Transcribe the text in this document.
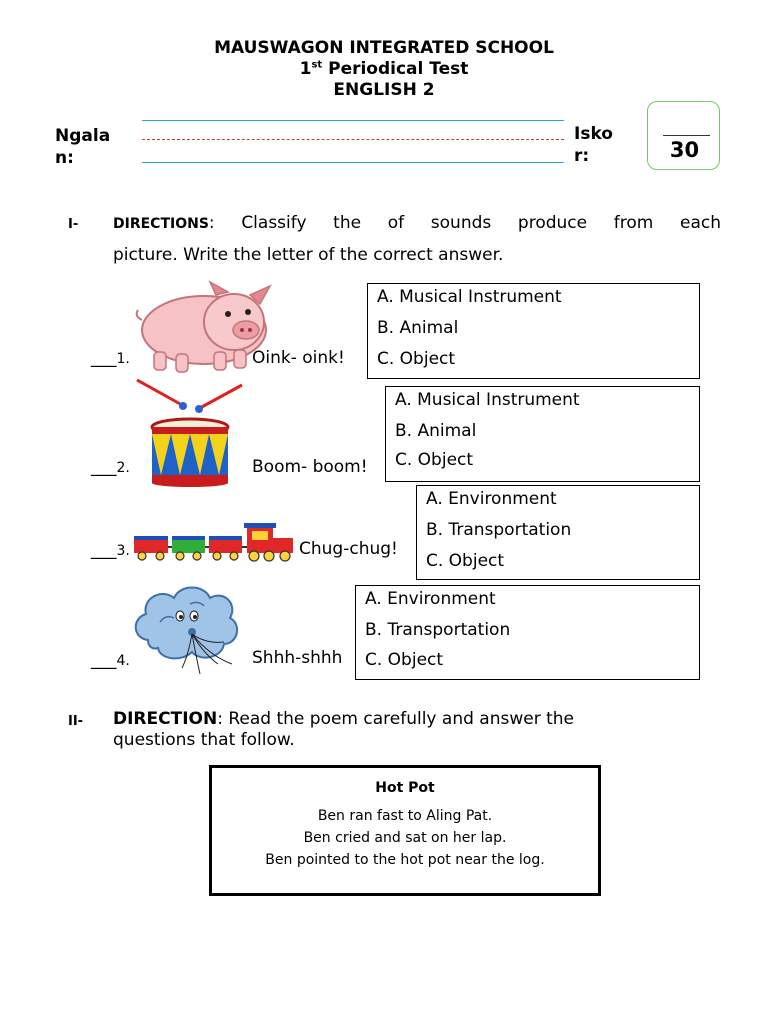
MAUSWAGON INTEGRATED SCHOOL
1st Periodical Test
ENGLISH 2
Ngala
n:
Isko
r:	30
I- DIRECTIONS : Classify the of sounds produce from each
picture. Write the letter of the correct answer.
___1.	Oink- oink!
A. Musical Instrument
B. Animal
C. Object
___2.	Boom- boom!
A. Musical Instrument
B. Animal
C. Object
___3.	Chug-chug!
A. Environment
B. Transportation
C. Object
___4.	Shhh-shhh
A. Environment
B. Transportation
C. Object
II- DIRECTION: Read the poem carefully and answer the
questions that follow.
Hot Pot
Ben ran fast to Aling Pat.
Ben cried and sat on her lap.
Ben pointed to the hot pot near the log.
